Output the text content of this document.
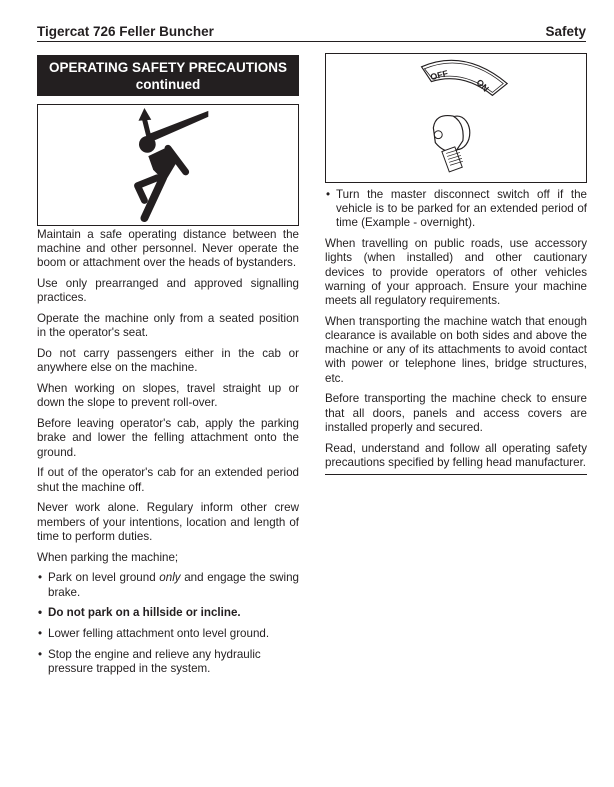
Tigercat 726 Feller Buncher	Safety
OPERATING SAFETY PRECAUTIONS
continued
OFF
ON

Maintain a safe operating distance between the machine and other personnel. Never operate the boom or attachment over the heads of bystanders.

Use only prearranged and approved signalling practices.

Operate the machine only from a seated position in the operator's seat.

Do not carry passengers either in the cab or anywhere else on the machine.

When working on slopes, travel straight up or down the slope to prevent roll-over.

Before leaving operator's cab, apply the parking brake and lower the felling attachment onto the ground.

If out of the operator's cab for an extended period shut the machine off.

Never work alone. Regulary inform other crew members of your intentions, location and length of time to perform duties.

When parking the machine;

• Park on level ground only and engage the swing brake.
• Do not park on a hillside or incline.
• Lower felling attachment onto level ground.
• Stop the engine and relieve any hydraulic pressure trapped in the system.
• Turn the master disconnect switch off if the vehicle is to be parked for an extended period of time (Example - overnight).

When travelling on public roads, use accessory lights (when installed) and other cautionary devices to provide operators of other vehicles warning of your approach. Ensure your machine meets all regulatory requirements.

When transporting the machine watch that enough clearance is available on both sides and above the machine or any of its attachments to avoid contact with power or telephone lines, bridge structures, etc.

Before transporting the machine check to ensure that all doors, panels and access covers are installed properly and secured.

Read, understand and follow all operating safety precautions specified by felling head manufacturer.
